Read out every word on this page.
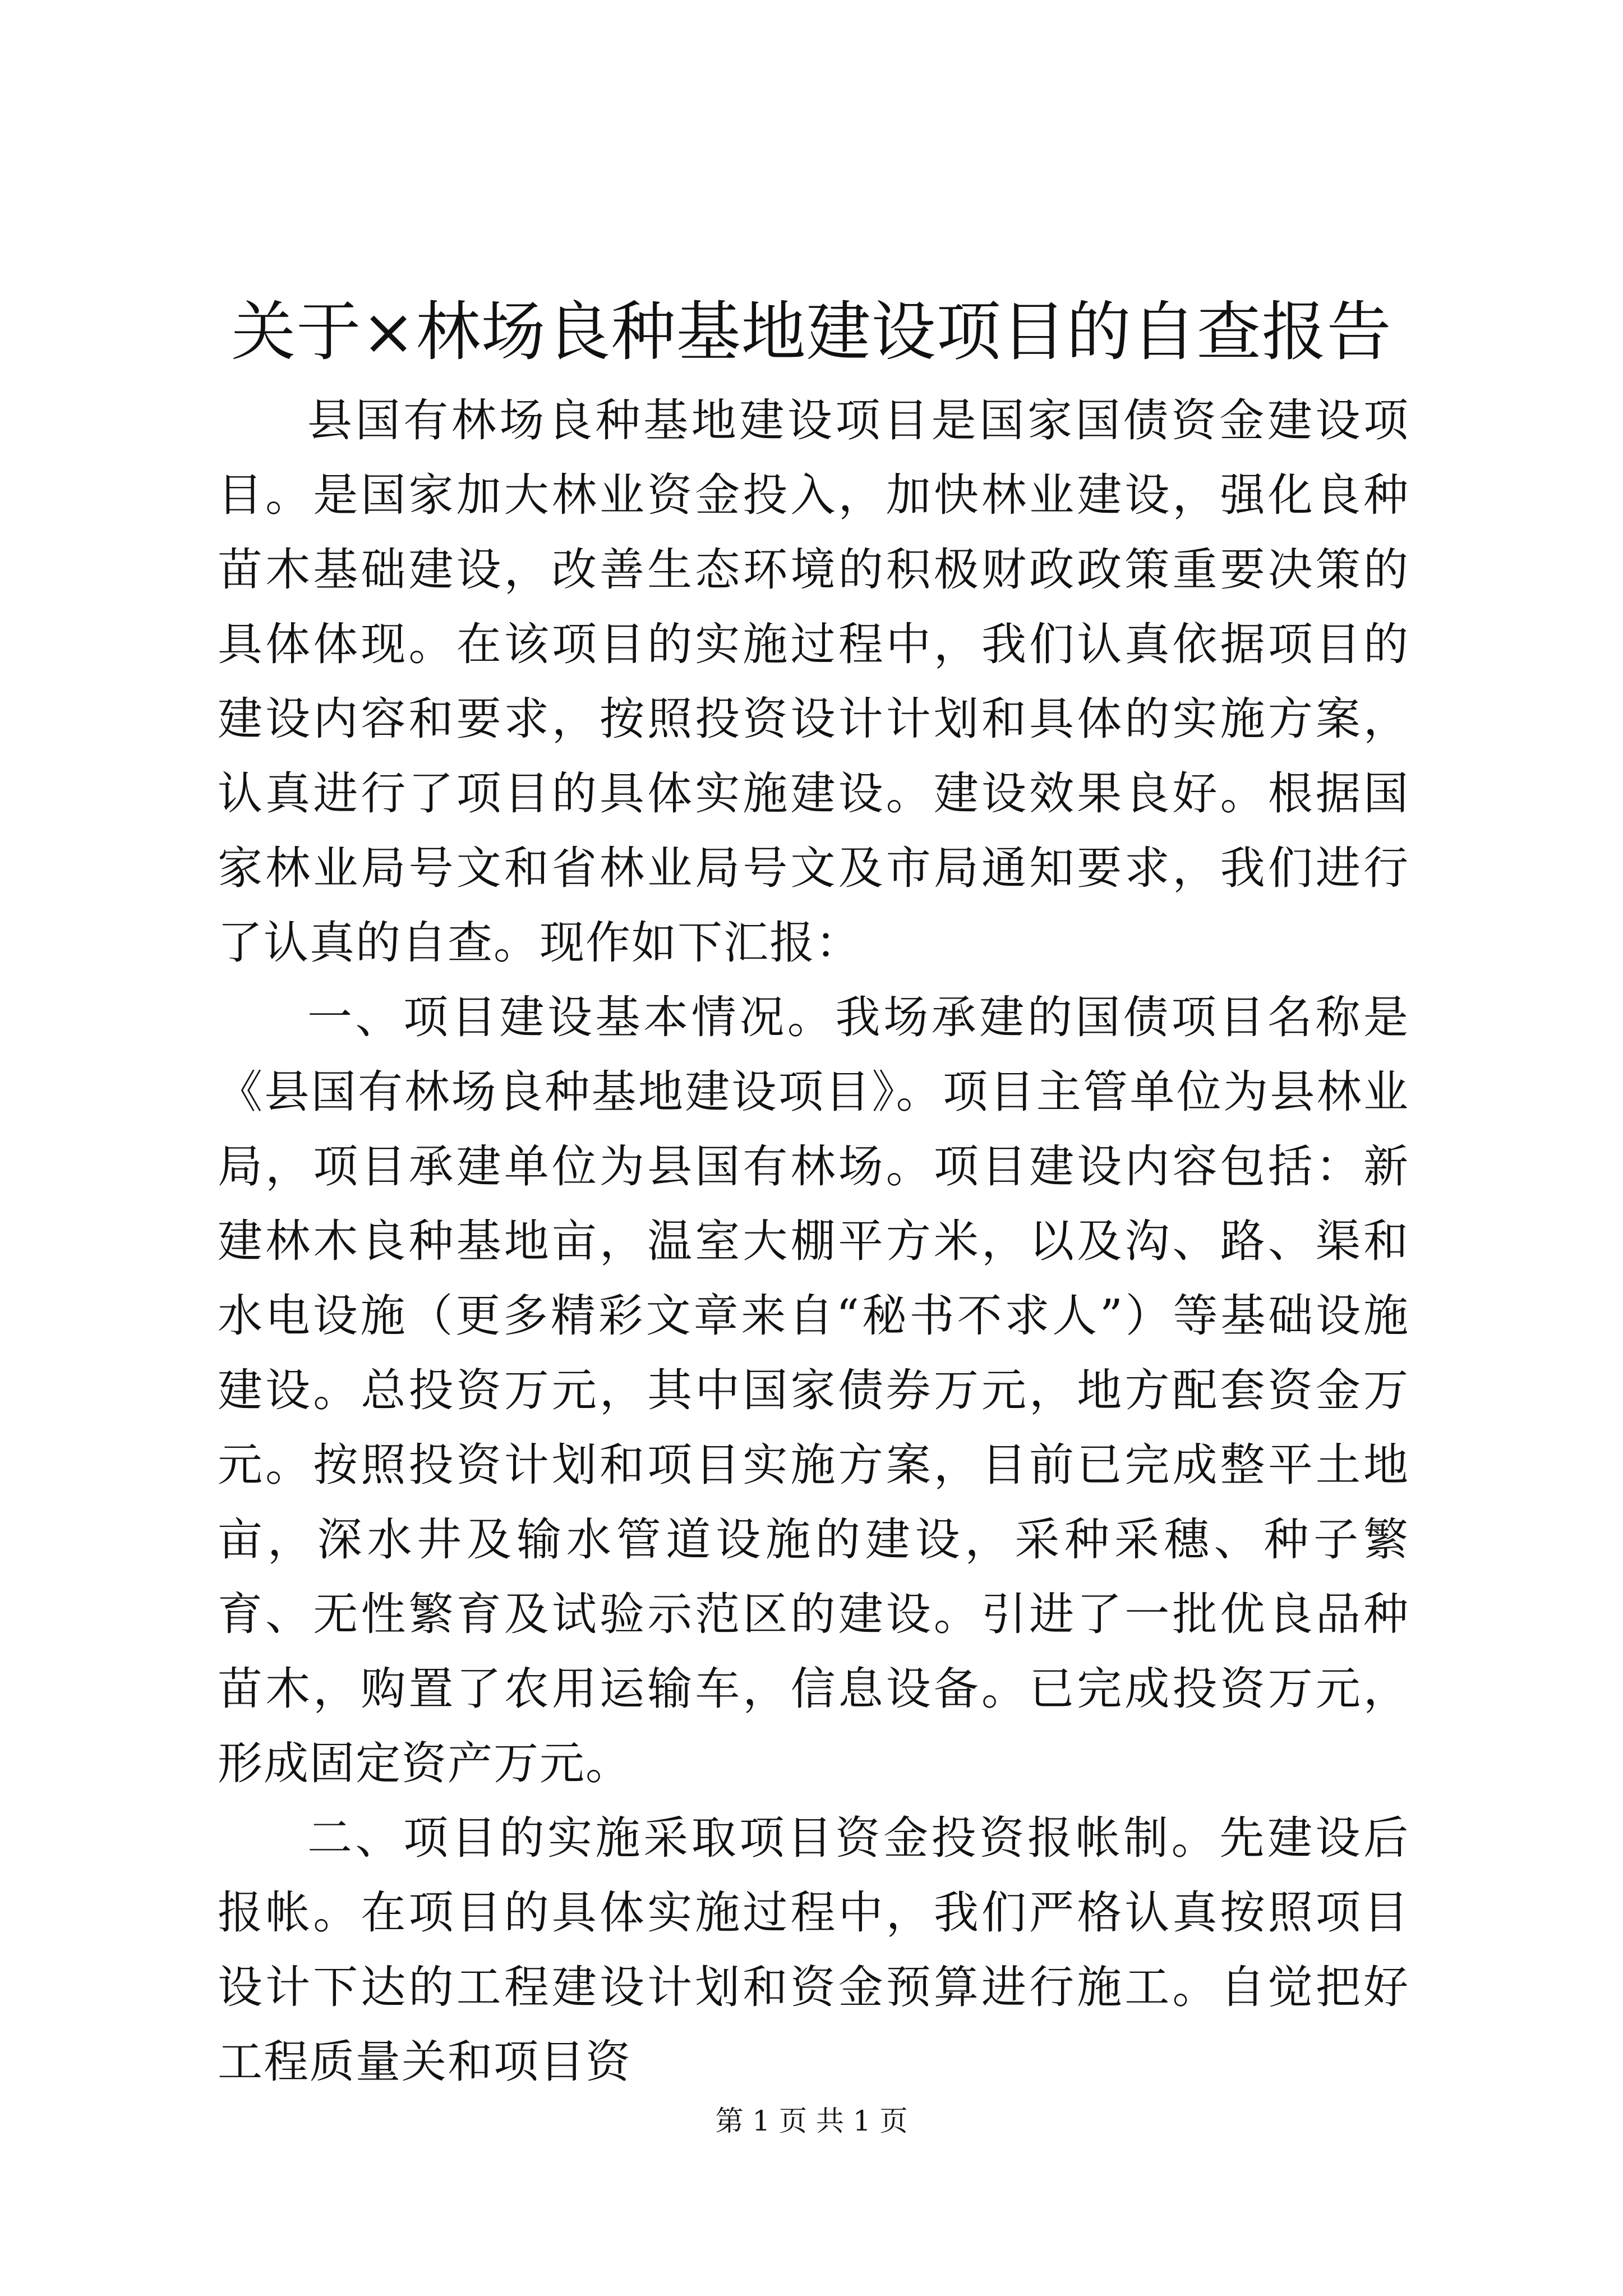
关于×林场良种基地建设项目的自查报告

县国有林场良种基地建设项目是国家国债资金建设项目。是国家加大林业资金投入，加快林业建设，强化良种苗木基础建设，改善生态环境的积极财政政策重要决策的具体体现。在该项目的实施过程中，我们认真依据项目的建设内容和要求，按照投资设计计划和具体的实施方案，认真进行了项目的具体实施建设。建设效果良好。根据国家林业局号文和省林业局号文及市局通知要求，我们进行了认真的自查。现作如下汇报：

一、项目建设基本情况。我场承建的国债项目名称是《县国有林场良种基地建设项目》。项目主管单位为县林业局，项目承建单位为县国有林场。项目建设内容包括：新建林木良种基地亩，温室大棚平方米，以及沟、路、渠和水电设施（更多精彩文章来自“秘书不求人”）等基础设施建设。总投资万元，其中国家债券万元，地方配套资金万元。按照投资计划和项目实施方案，目前已完成整平土地亩，深水井及输水管道设施的建设，采种采穗、种子繁育、无性繁育及试验示范区的建设。引进了一批优良品种苗木，购置了农用运输车，信息设备。已完成投资万元，形成固定资产万元。

二、项目的实施采取项目资金投资报帐制。先建设后报帐。在项目的具体实施过程中，我们严格认真按照项目设计下达的工程建设计划和资金预算进行施工。自觉把好工程质量关和项目资

第 1 页 共 1 页
